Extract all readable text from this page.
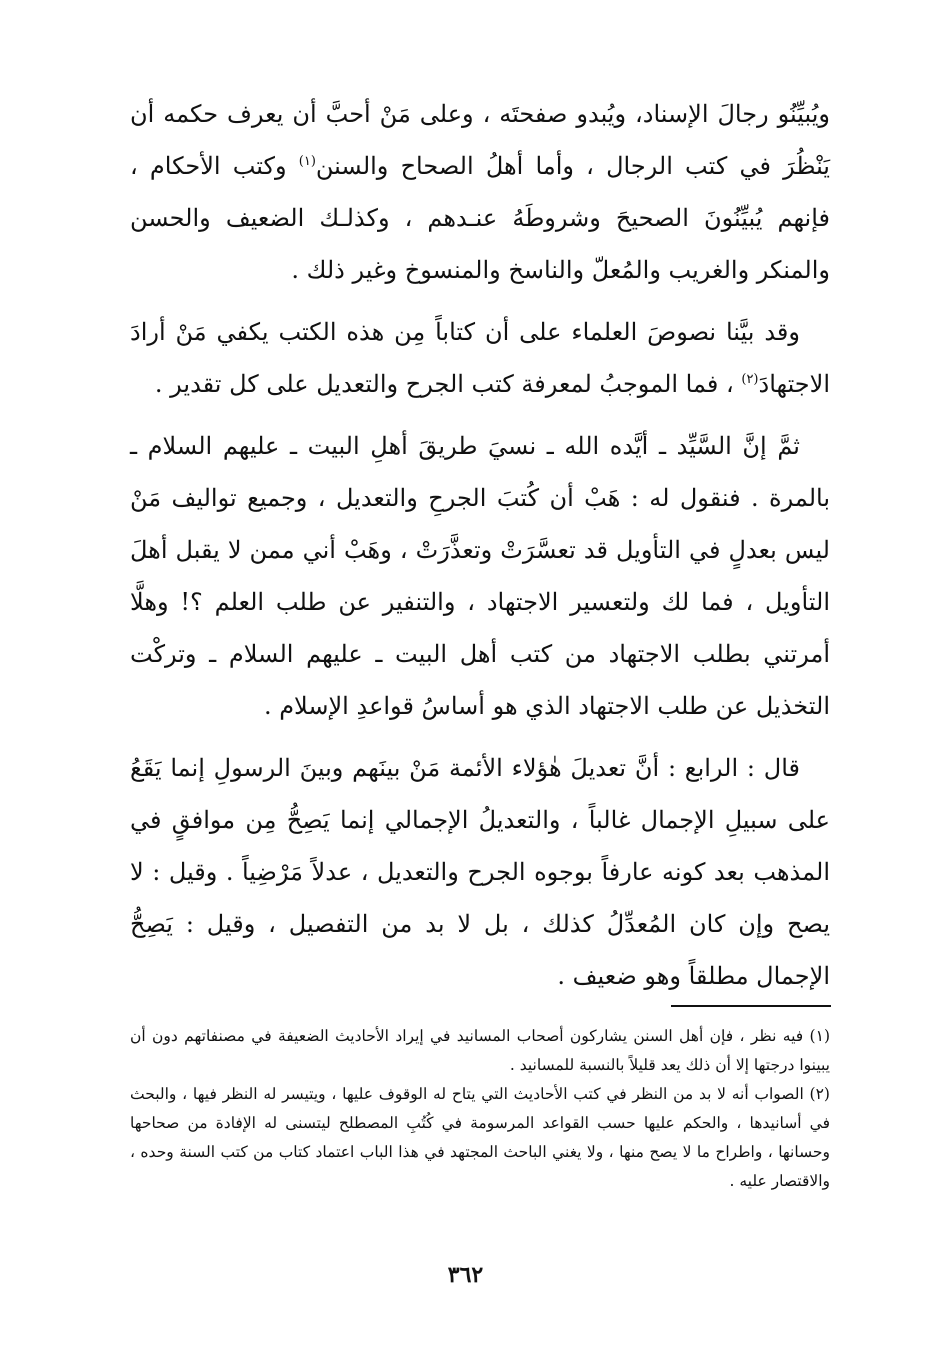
ويُبيِّنُو رجالَ الإسناد، ويُبدو صفحتَه ، وعلى مَنْ أحبَّ أن يعرف حكمه أن يَنْظُرَ في كتب الرجال ، وأما أهلُ الصحاح والسنن$^{(١)}$ وكتب الأحكام ، فإنهم يُبيِّنُونَ الصحيحَ وشروطَهُ عنـدهم ، وكذلـك الضعيف والحسن والمنكر والغريب والمُعلّ والناسخ والمنسوخ وغير ذلك .

وقد بيَّنا نصوصَ العلماء على أن كتاباً مِن هذه الكتب يكفي مَنْ أرادَ الاجتهادَ$^{(٢)}$ ، فما الموجبُ لمعرفة كتب الجرح والتعديل على كل تقدير .

ثمَّ إنَّ السَّيِّد ـ أيَّده الله ـ نسيَ طريقَ أهلِ البيت ـ عليهم السلام ـ بالمرة . فنقول له : هَبْ أن كُتبَ الجرحِ والتعديل ، وجميع تواليف مَنْ ليس بعدلٍ في التأويل قد تعسَّرَتْ وتعذَّرَتْ ، وهَبْ أني ممن لا يقبل أهلَ التأويل ، فما لك ولتعسير الاجتهاد ، والتنفير عن طلب العلم ؟! وهلَّا أمرتني بطلب الاجتهاد من كتب أهل البيت ـ عليهم السلام ـ وتركْت التخذيل عن طلب الاجتهاد الذي هو أساسُ قواعدِ الإسلام .

قال : الرابع : أنَّ تعديلَ هٰؤلاء الأئمة مَنْ بينَهم وبينَ الرسولِ إنما يَقَعُ على سبيلِ الإجمال غالباً ، والتعديلُ الإجمالي إنما يَصِحُّ مِن موافقٍ في المذهب بعد كونه عارفاً بوجوه الجرح والتعديل ، عدلاً مَرْضِياً . وقيل : لا يصح وإن كان المُعدِّلُ كذلك ، بل لا بد من التفصيل ، وقيل : يَصِحُّ الإجمال مطلقاً وهو ضعيف .

(١) فيه نظر ، فإن أهل السنن يشاركون أصحاب المسانيد في إيراد الأحاديث الضعيفة في مصنفاتهم دون أن يبينوا درجتها إلا أن ذلك يعد قليلاً بالنسبة للمسانيد .

(٢) الصواب أنه لا بد من النظر في كتب الأحاديث التي يتاح له الوقوف عليها ، ويتيسر له النظر فيها ، والبحث في أسانيدها ، والحكم عليها حسب القواعد المرسومة في كُتُبِ المصطلح ليتسنى له الإفادة من صحاحها وحسانها ، واطراح ما لا يصح منها ، ولا يغني الباحث المجتهد في هذا الباب اعتماد كتاب من كتب السنة وحده ، والاقتصار عليه .

٣٦٢
